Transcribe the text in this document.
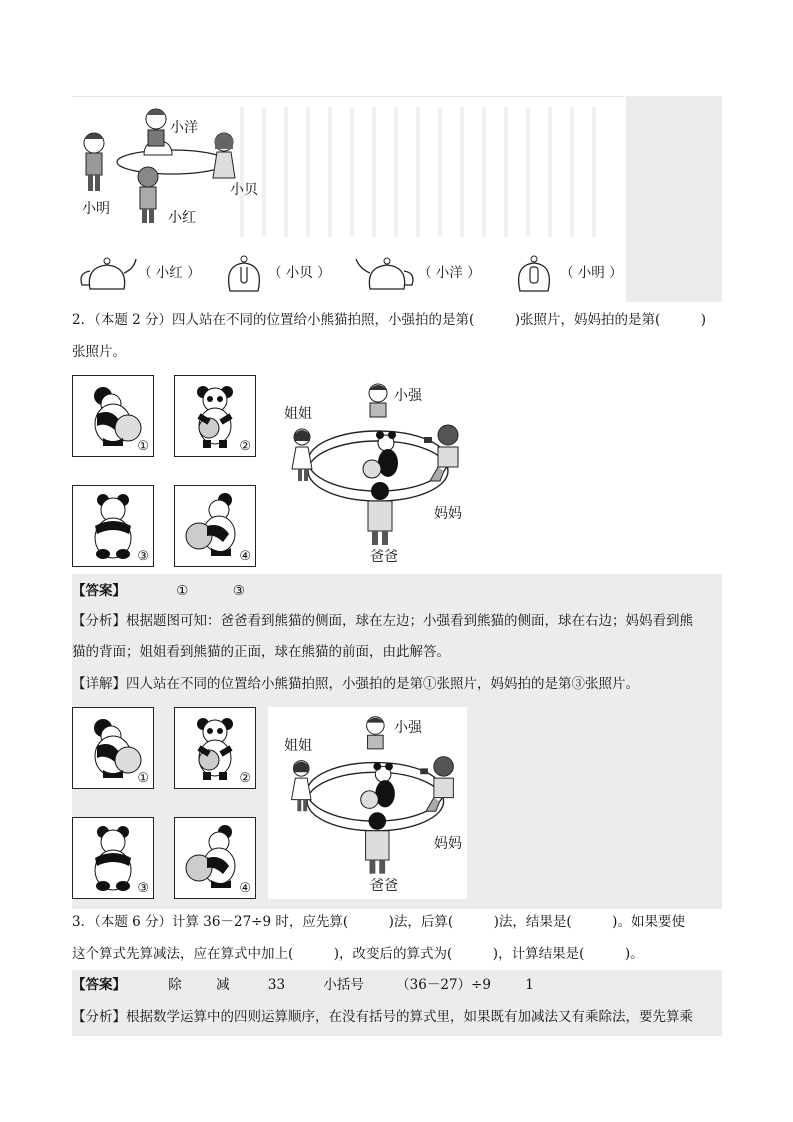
小洋
小明
小贝
小红
（ 小红 ）	（ 小贝 ）	（ 小洋 ）	（ 小明 ）
2．（本题 2 分）四人站在不同的位置给小熊猫拍照，小强拍的是第(　　　)张照片，妈妈拍的是第(　　　)
张照片。
①	②
③	④
小强
姐姐
妈妈
爸爸
【答案】	①	③
【分析】根据题图可知：爸爸看到熊猫的侧面，球在左边；小强看到熊猫的侧面，球在右边；妈妈看到熊
猫的背面；姐姐看到熊猫的正面，球在熊猫的前面，由此解答。
【详解】四人站在不同的位置给小熊猫拍照，小强拍的是第①张照片，妈妈拍的是第③张照片。
①	②
③	④
小强
姐姐
妈妈
爸爸
3．（本题 6 分）计算 36－27÷9 时，应先算(　　　)法，后算(　　　)法，结果是(　　　)。如果要使
这个算式先算减法，应在算式中加上(　　　)，改变后的算式为(　　　)，计算结果是(　　　)。
【答案】	除	减	33	小括号 （36－27）÷9	1
【分析】根据数学运算中的四则运算顺序，在没有括号的算式里，如果既有加减法又有乘除法，要先算乘
